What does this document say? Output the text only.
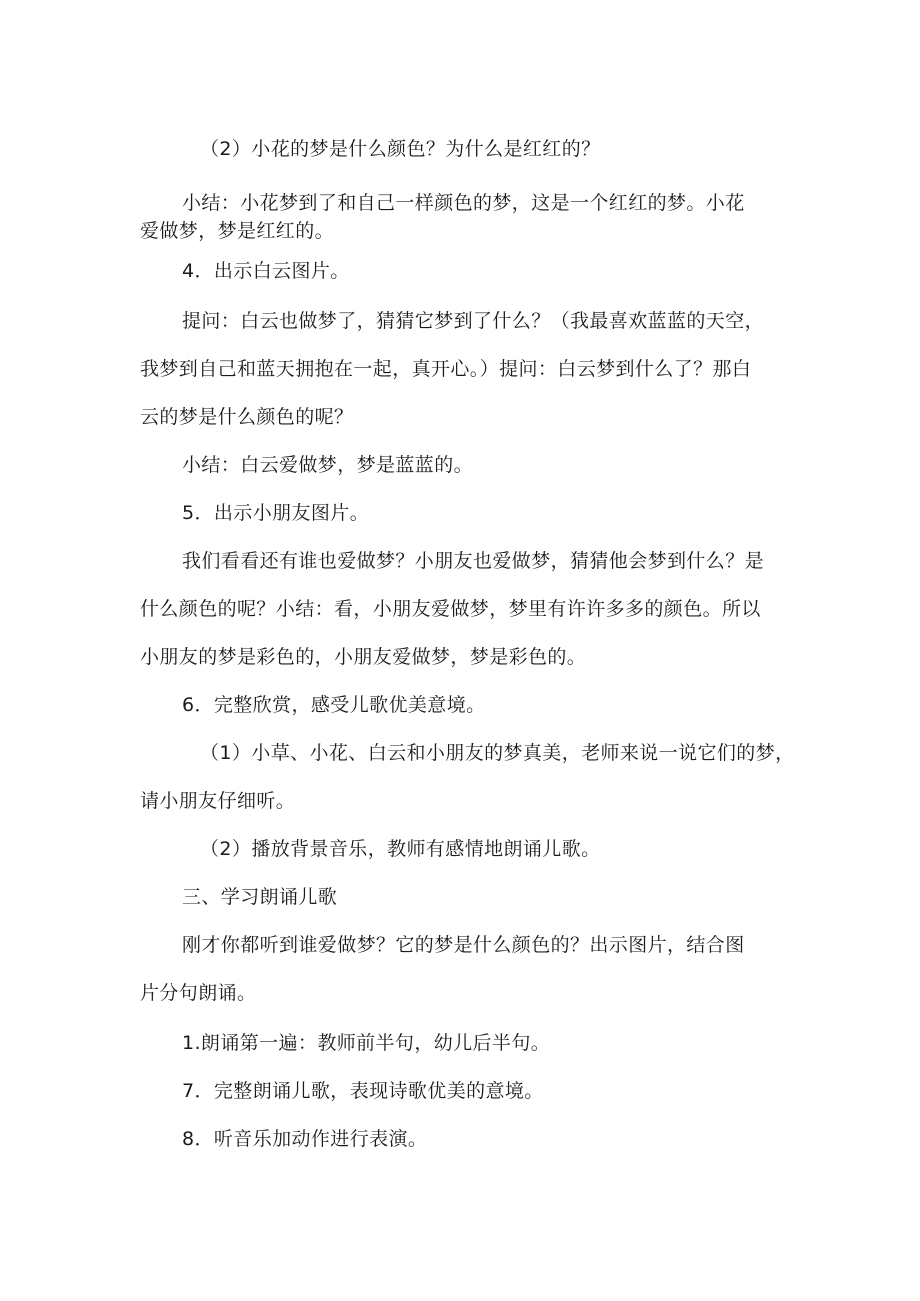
（2）小花的梦是什么颜色？为什么是红红的？

小结：小花梦到了和自己一样颜色的梦，这是一个红红的梦。小花

爱做梦，梦是红红的。

4．出示白云图片。

提问：白云也做梦了，猜猜它梦到了什么？（我最喜欢蓝蓝的天空，

我梦到自己和蓝天拥抱在一起，真开心。）提问：白云梦到什么了？那白

云的梦是什么颜色的呢？

小结：白云爱做梦，梦是蓝蓝的。

5．出示小朋友图片。

我们看看还有谁也爱做梦？小朋友也爱做梦，猜猜他会梦到什么？是

什么颜色的呢？小结：看，小朋友爱做梦，梦里有许许多多的颜色。所以

小朋友的梦是彩色的，小朋友爱做梦，梦是彩色的。

6．完整欣赏，感受儿歌优美意境。

（1）小草、小花、白云和小朋友的梦真美，老师来说一说它们的梦，

请小朋友仔细听。

（2）播放背景音乐，教师有感情地朗诵儿歌。

三、学习朗诵儿歌

刚才你都听到谁爱做梦？它的梦是什么颜色的？出示图片，结合图

片分句朗诵。

1.朗诵第一遍：教师前半句，幼儿后半句。

7．完整朗诵儿歌，表现诗歌优美的意境。

8．听音乐加动作进行表演。
